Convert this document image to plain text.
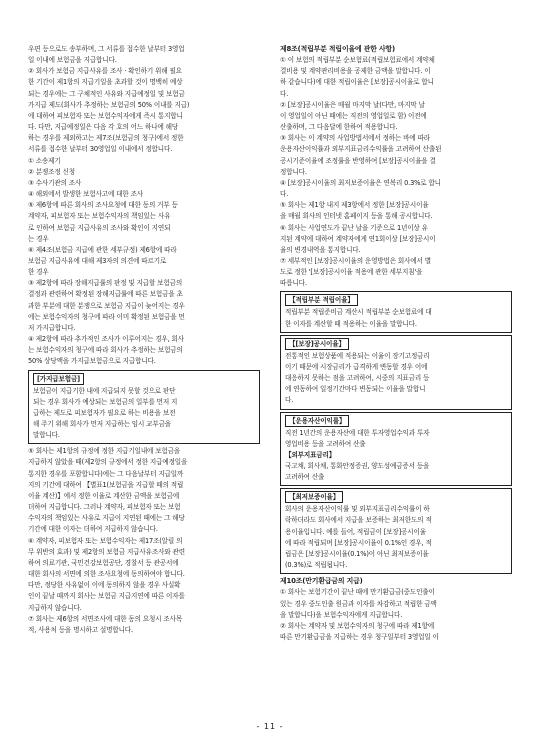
우편 등으로도 송부하며, 그 서류를 접수한 날부터 3영업

일 이내에 보험금을 지급합니다.

② 회사가 보험금 지급사유를 조사 · 확인하기 위해 필요

한 기간이 제1항의 지급기일을 초과할 것이 명백히 예상

되는 경우에는 그 구체적인 사유와 지급예정일 및 보험금

가지급 제도(회사가 추정하는 보험금의 50% 이내를 지급)

에 대하여 피보험자 또는 보험수익자에게 즉시 통지합니

다. 다만, 지급예정일은 다음 각 호의 어느 하나에 해당

하는 경우를 제외하고는 제7조(보험금의 청구)에서 정한

서류를 접수한 날부터 30영업일 이내에서 정합니다.

① 소송제기

② 분쟁조정 신청

③ 수사기관의 조사

④ 해외에서 발생한 보험사고에 대한 조사

⑤ 제6항에 따른 회사의 조사요청에 대한 동의 거부 등

계약자, 피보험자 또는 보험수익자의 책임있는 사유

로 인하여 보험금 지급사유의 조사와 확인이 지연되

는 경우

⑥ 제4조(보험금 지급에 관한 세부규정) 제6항에 따라

보험금 지급사유에 대해 제3자의 의견에 따르기로

한 경우

③ 제2항에 따라 장해지급률의 판정 및 지급할 보험금의

결정과 관련하여 확정된 장해지급률에 따른 보험금을 초

과한 부분에 대한 분쟁으로 보험금 지급이 늦어지는 경우

에는 보험수익자의 청구에 따라 이미 확정된 보험금을 먼

저 가지급합니다.

④ 제2항에 따라 추가적인 조사가 이루어지는 경우, 회사

는 보험수익자의 청구에 따라 회사가 추정하는 보험금의

50% 상당액을 가지급보험금으로 지급합니다.

[가지급보험금]

보험금이 지급기한 내에 지급되지 못할 것으로 판단

되는 경우 회사가 예상되는 보험금의 일부를 먼저 지

급하는 제도로 피보험자가 필요로 하는 비용을 보전

해 주기 위해 회사가 먼저 지급하는 임시 교부금을

말합니다.

⑤ 회사는 제1항의 규정에 정한 지급기일내에 보험금을

지급하지 않았을 때(제2항의 규정에서 정한 지급예정일을

통지한 경우를 포함합니다)에는 그 다음날부터 지급일까

지의 기간에 대하여 【별표1(보험금을 지급할 때의 적립

이율 계산)】에서 정한 이율로 계산한 금액을 보험금에

더하여 지급합니다. 그러나 계약자, 피보험자 또는 보험

수익자의 책임있는 사유로 지급이 지연된 때에는 그 해당

기간에 대한 이자는 더하여 지급하지 않습니다.

⑥ 계약자, 피보험자 또는 보험수익자는 제17조(알릴 의

무 위반의 효과) 및 제2항의 보험금 지급사유조사와 관련

하여 의료기관, 국민건강보험공단, 경찰서 등 관공서에

대한 회사의 서면에 의한 조사요청에 동의하여야 합니다.

다만, 정당한 사유없이 이에 동의하지 않을 경우 사실확

인이 끝날 때까지 회사는 보험금 지급지연에 따른 이자를

지급하지 않습니다.

⑦ 회사는 제6항의 서면조사에 대한 동의 요청시 조사목

적, 사용처 등을 명시하고 설명합니다.

제8조(적립부분 적립이율에 관한 사항)

① 이 보험의 적립부분 순보험료(적립보험료에서 계약체

결비용 및 계약관리비용을 공제한 금액을 말합니다. 이

하 같습니다)에 대한 적립이율은 [보장]공시이율로 합니

다.

② [보장]공시이율은 매월 마지막 날(다만, 마지막 날

이 영업일이 아닌 때에는 직전의 영업일로 함) 이전에

산출하며, 그 다음달에 한하여 적용합니다.

③ 회사는 이 계약의 사업방법서에서 정하는 바에 따라

운용자산이익률과 외부지표금리수익률을 고려하여 산출된

공시기준이율에 조정률을 반영하여 [보장]공시이율을 결

정합니다.

④ [보장]공시이율의 최저보증이율은 연복리 0.3%로 합니

다.

⑤ 회사는 제1항 내지 제3항에서 정한 [보장]공시이율

을 매월 회사의 인터넷 홈페이지 등을 통해 공시합니다.

⑥ 회사는 사업연도가 끝난 날을 기준으로 1년이상 유

지된 계약에 대하여 계약자에게 연1회이상 [보장]공시이

율의 변경내역을 통지합니다.

⑦ 세부적인 [보장]공시이율의 운영방법은 회사에서 별

도로 정한 '[보장]공시이율 적용에 관한 세부지침'을

따릅니다.

【적립부분 적립이율】

적립부분 적립준비금 계산시 적립부분 순보험료에 대

한 이자를 계산할 때 적용하는 이율을 말합니다.

【[보장]공시이율】

전통적인 보험상품에 적용되는 이율이 장기고정금리

이기 때문에 시장금리가 급격하게 변동할 경우 이에

대응하지 못하는 점을 고려하여, 시중의 지표금리 등

에 연동하여 일정기간마다 변동되는 이율을 말합니

다.

【운용자산이익률】

직전 1년간의 운용자산에 대한 투자영업수익과 투자

영업비용 등을 고려하여 산출

【외부지표금리】

국고채, 회사채, 통화안정증권, 양도성예금증서 등을

고려하여 산출

【최저보증이율】

회사의 운용자산이익률 및 외부지표금리수익률이 하

락하더라도 회사에서 지급을 보증하는 최저한도의 적

용이율입니다. 예를 들어, 적립금이 [보장]공시이율

에 따라 적립되며 [보장]공시이율이 0.1%인 경우, 적

립금은 [보장]공시이율(0.1%)이 아닌 최저보증이율

(0.3%)로 적립됩니다.

제10조(만기환급금의 지급)

① 회사는 보험기간이 끝난 때에 만기환급금(중도인출이

있는 경우 중도인출 원금과 이자를 차감하고 적립한 금액

을 말합니다)을 보험수익자에게 지급합니다.

② 회사는 계약자 및 보험수익자의 청구에 따라 제1항에

따른 만기환급금을 지급하는 경우 청구일부터 3영업일 이

- 11 -
